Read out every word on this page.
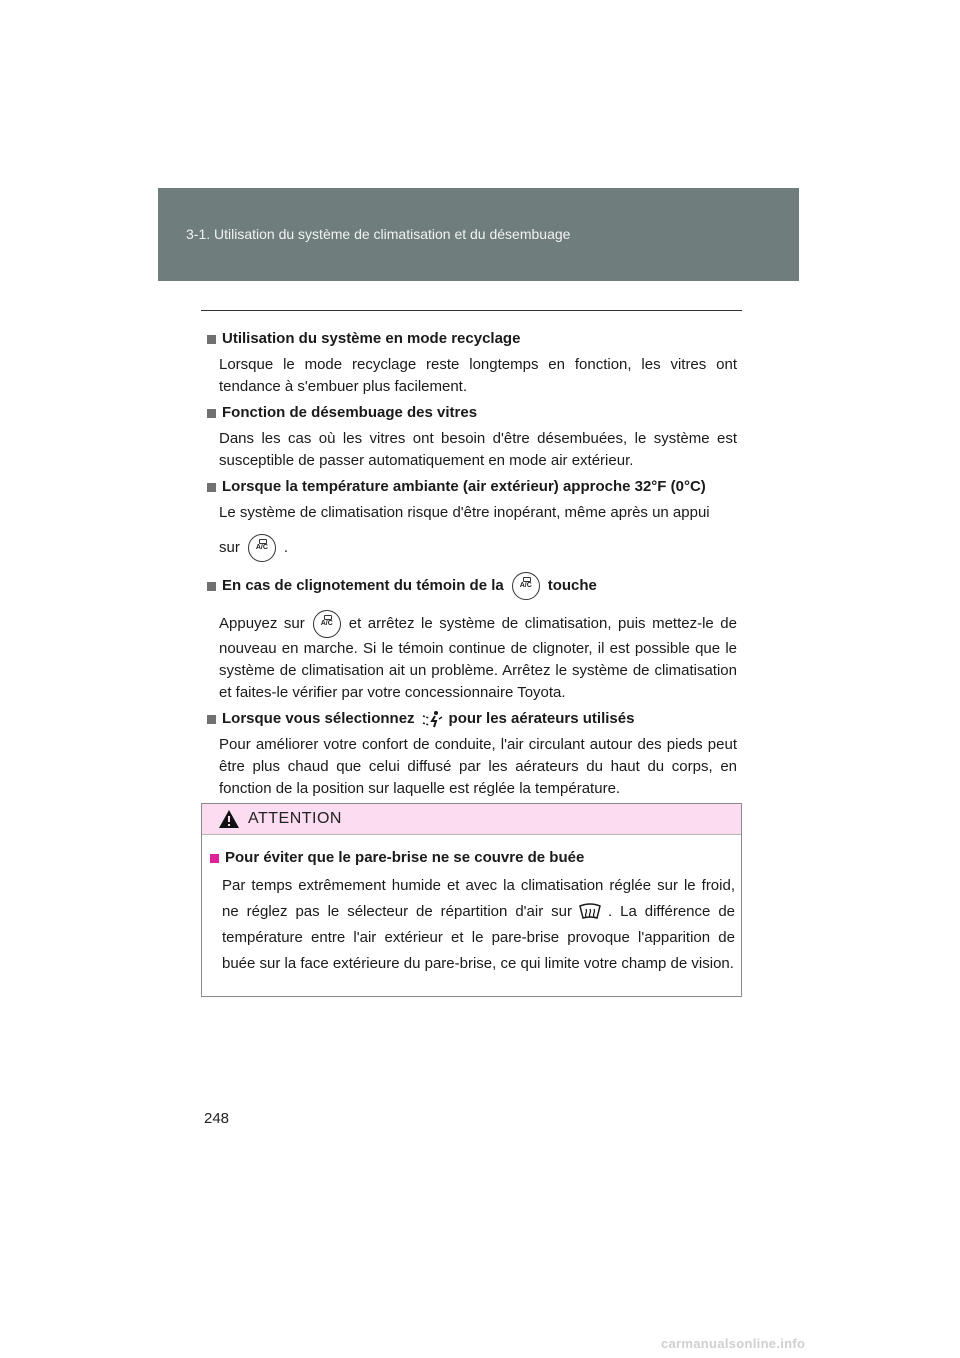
3-1. Utilisation du système de climatisation et du désembuage
Utilisation du système en mode recyclage
Lorsque le mode recyclage reste longtemps en fonction, les vitres ont tendance à s'embuer plus facilement.
Fonction de désembuage des vitres
Dans les cas où les vitres ont besoin d'être désembuées, le système est susceptible de passer automatiquement en mode air extérieur.
Lorsque la température ambiante (air extérieur) approche 32°F (0°C)
Le système de climatisation risque d'être inopérant, même après un appui
sur A/C .
En cas de clignotement du témoin de la A/C touche
Appuyez sur A/C et arrêtez le système de climatisation, puis mettez-le de nouveau en marche. Si le témoin continue de clignoter, il est possible que le système de climatisation ait un problème. Arrêtez le système de climatisation et faites-le vérifier par votre concessionnaire Toyota.
Lorsque vous sélectionnez pour les aérateurs utilisés
Pour améliorer votre confort de conduite, l'air circulant autour des pieds peut être plus chaud que celui diffusé par les aérateurs du haut du corps, en fonction de la position sur laquelle est réglée la température.
ATTENTION
Pour éviter que le pare-brise ne se couvre de buée
Par temps extrêmement humide et avec la climatisation réglée sur le froid, ne réglez pas le sélecteur de répartition d'air sur . La différence de température entre l'air extérieur et le pare-brise provoque l'apparition de buée sur la face extérieure du pare-brise, ce qui limite votre champ de vision.
248
carmanualsonline.info
